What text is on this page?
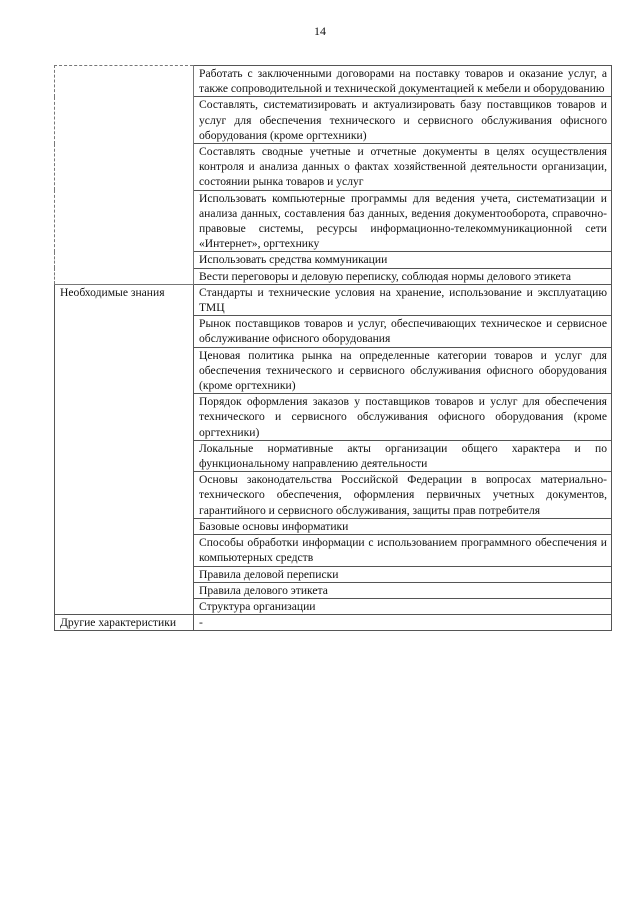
14
	Работать с заключенными договорами на поставку товаров и оказание услуг, а также сопроводительной и технической документацией к мебели и оборудованию
	Составлять, систематизировать и актуализировать базу поставщиков товаров и услуг для обеспечения технического и сервисного обслуживания офисного оборудования (кроме оргтехники)
	Составлять сводные учетные и отчетные документы в целях осуществления контроля и анализа данных о фактах хозяйственной деятельности организации, состоянии рынка товаров и услуг
	Использовать компьютерные программы для ведения учета, систематизации и анализа данных, составления баз данных, ведения документооборота, справочно-правовые системы, ресурсы информационно-телекоммуникационной сети «Интернет», оргтехнику
	Использовать средства коммуникации
	Вести переговоры и деловую переписку, соблюдая нормы делового этикета
Необходимые знания	Стандарты и технические условия на хранение, использование и эксплуатацию ТМЦ
	Рынок поставщиков товаров и услуг, обеспечивающих техническое и сервисное обслуживание офисного оборудования
	Ценовая политика рынка на определенные категории товаров и услуг для обеспечения технического и сервисного обслуживания офисного оборудования (кроме оргтехники)
	Порядок оформления заказов у поставщиков товаров и услуг для обеспечения технического и сервисного обслуживания офисного оборудования (кроме оргтехники)
	Локальные нормативные акты организации общего характера и по функциональному направлению деятельности
	Основы законодательства Российской Федерации в вопросах материально-технического обеспечения, оформления первичных учетных документов, гарантийного и сервисного обслуживания, защиты прав потребителя
	Базовые основы информатики
	Способы обработки информации с использованием программного обеспечения и компьютерных средств
	Правила деловой переписки
	Правила делового этикета
	Структура организации
Другие характеристики	-
